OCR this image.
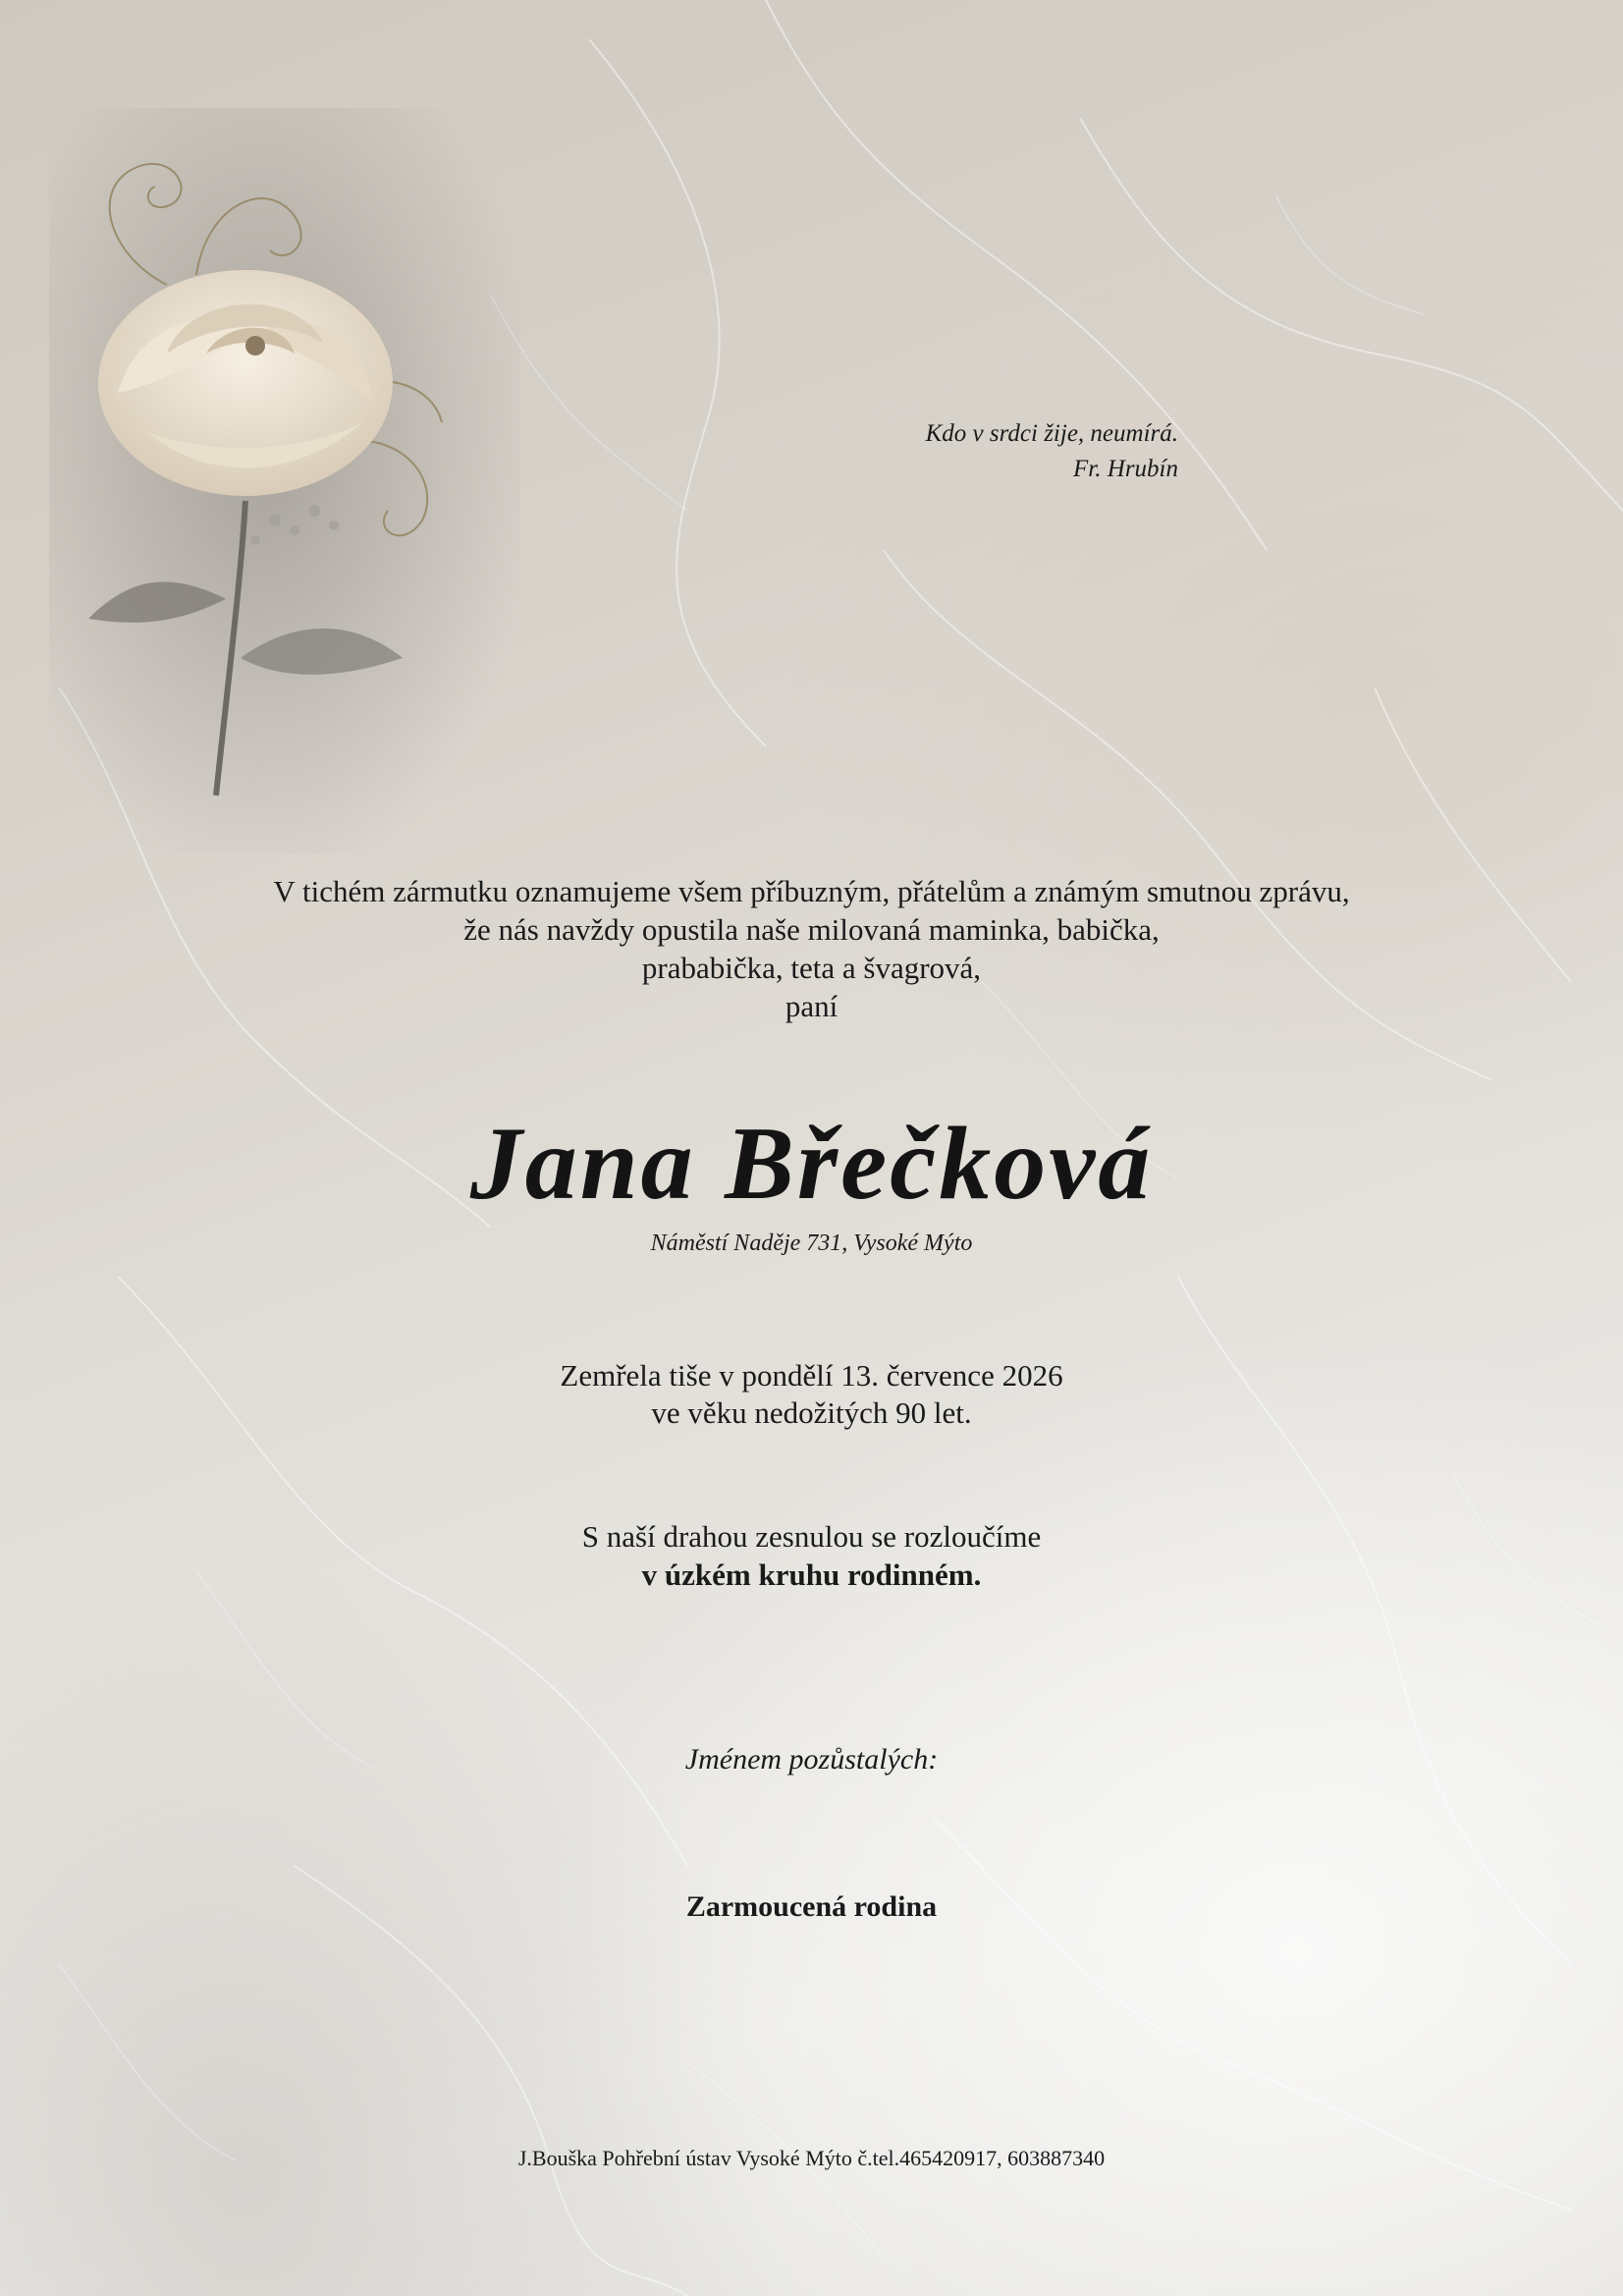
Kdo v srdci žije, neumírá.
Fr. Hrubín
V tichém zármutku oznamujeme všem příbuzným, přátelům a známým smutnou zprávu,
že nás navždy opustila naše milovaná maminka, babička,
prababička, teta a švagrová,
paní
Jana Břečková
Náměstí Naděje 731, Vysoké Mýto
Zemřela tiše v pondělí 13. července 2026
ve věku nedožitých 90 let.
S naší drahou zesnulou se rozloučíme
v úzkém kruhu rodinném.
Jménem pozůstalých:
Zarmoucená rodina
J.Bouška Pohřební ústav Vysoké Mýto č.tel.465420917, 603887340
